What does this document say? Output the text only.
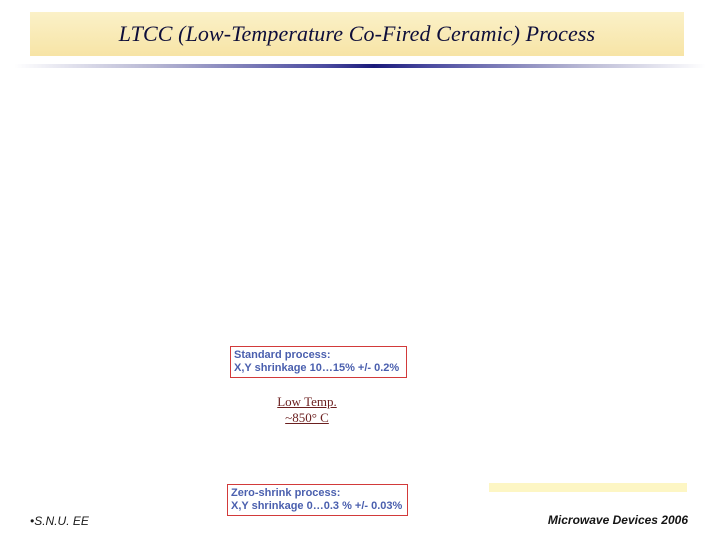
LTCC (Low-Temperature Co-Fired Ceramic) Process
Standard process:
X,Y shrinkage 10…15% +/- 0.2%
Low Temp.
~850° C
Zero-shrink process:
X,Y shrinkage 0…0.3 % +/- 0.03%
•S.N.U. EE	Microwave Devices 2006
